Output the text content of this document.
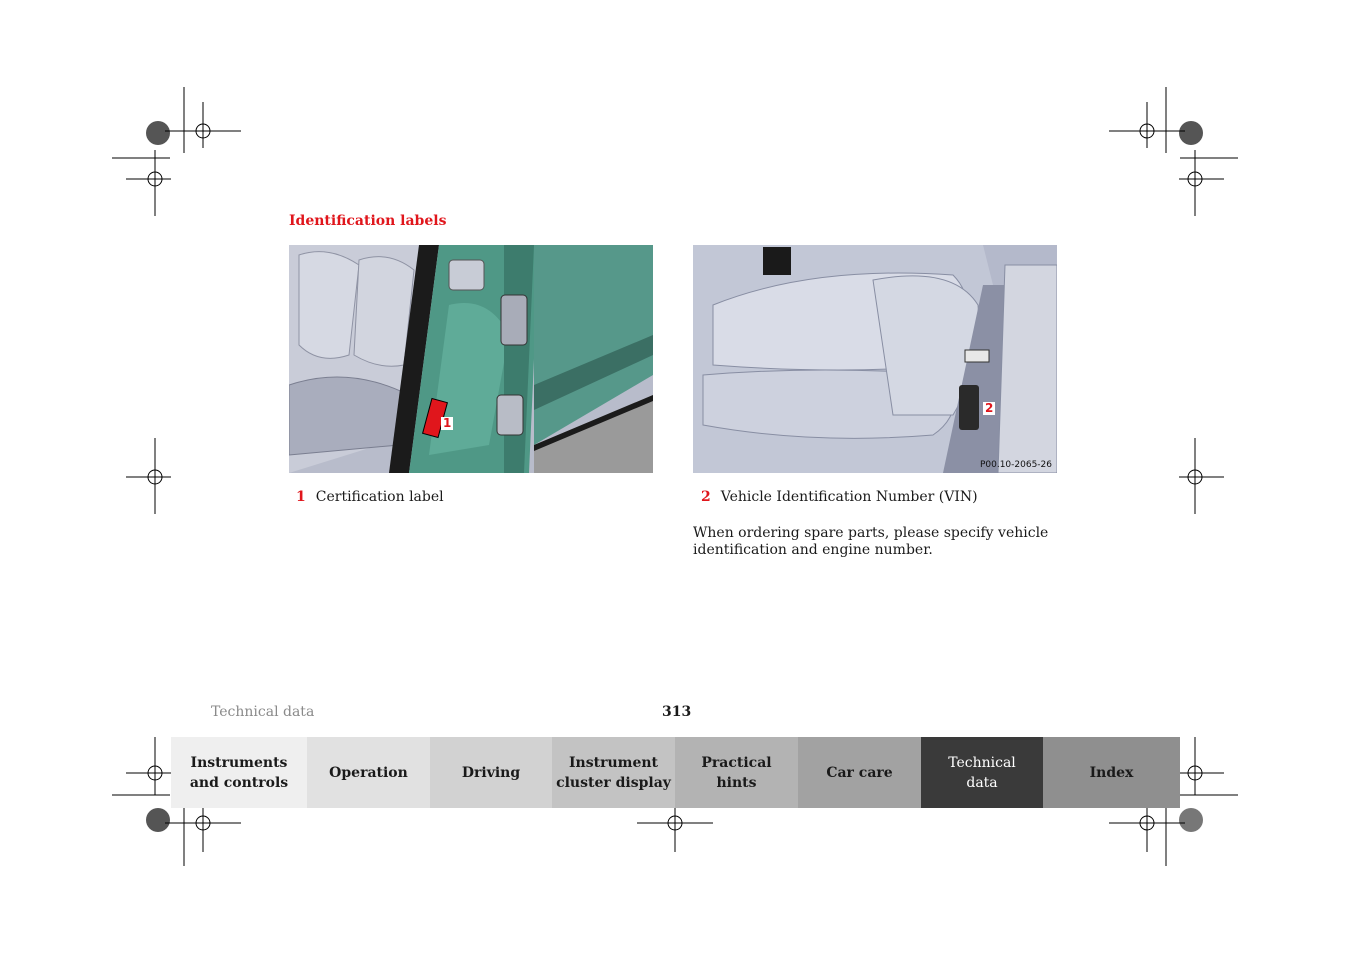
Identification labels
1
2
P00.10-2065-26
1 Certification label	2 Vehicle Identification Number (VIN)
When ordering spare parts, please specify vehicle identification and engine number.
Technical data	313
Instruments
and controls
Operation	Driving
Instrument
cluster display
Practical hints
Car care
Technical
data
Index
